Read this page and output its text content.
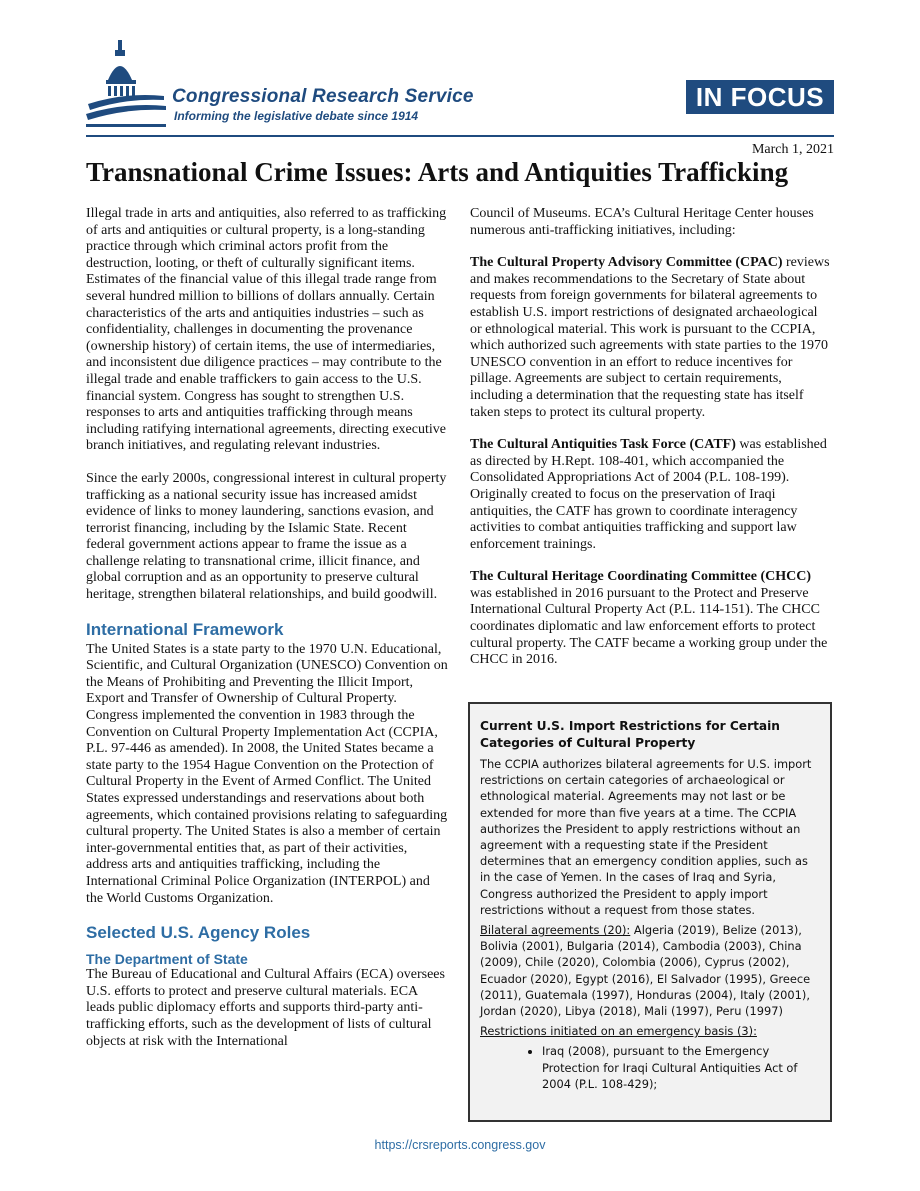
Congressional Research Service
Informing the legislative debate since 1914
IN FOCUS
March 1, 2021
Transnational Crime Issues: Arts and Antiquities Trafficking

Illegal trade in arts and antiquities, also referred to as trafficking of arts and antiquities or cultural property, is a long-standing practice through which criminal actors profit from the destruction, looting, or theft of culturally significant items. Estimates of the financial value of this illegal trade range from several hundred million to billions of dollars annually. Certain characteristics of the arts and antiquities industries – such as confidentiality, challenges in documenting the provenance (ownership history) of certain items, the use of intermediaries, and inconsistent due diligence practices – may contribute to the illegal trade and enable traffickers to gain access to the U.S. financial system. Congress has sought to strengthen U.S. responses to arts and antiquities trafficking through means including ratifying international agreements, directing executive branch initiatives, and regulating relevant industries.

Since the early 2000s, congressional interest in cultural property trafficking as a national security issue has increased amidst evidence of links to money laundering, sanctions evasion, and terrorist financing, including by the Islamic State. Recent federal government actions appear to frame the issue as a challenge relating to transnational crime, illicit finance, and global corruption and as an opportunity to preserve cultural heritage, strengthen bilateral relationships, and build goodwill.

International Framework

The United States is a state party to the 1970 U.N. Educational, Scientific, and Cultural Organization (UNESCO) Convention on the Means of Prohibiting and Preventing the Illicit Import, Export and Transfer of Ownership of Cultural Property. Congress implemented the convention in 1983 through the Convention on Cultural Property Implementation Act (CCPIA, P.L. 97-446 as amended). In 2008, the United States became a state party to the 1954 Hague Convention on the Protection of Cultural Property in the Event of Armed Conflict. The United States expressed understandings and reservations about both agreements, which contained provisions relating to safeguarding cultural property. The United States is also a member of certain inter-governmental entities that, as part of their activities, address arts and antiquities trafficking, including the International Criminal Police Organization (INTERPOL) and the World Customs Organization.

Selected U.S. Agency Roles
The Department of State

The Bureau of Educational and Cultural Affairs (ECA) oversees U.S. efforts to protect and preserve cultural materials. ECA leads public diplomacy efforts and supports third-party anti-trafficking efforts, such as the development of lists of cultural objects at risk with the International

Council of Museums. ECA’s Cultural Heritage Center houses numerous anti-trafficking initiatives, including:

The Cultural Property Advisory Committee (CPAC) reviews and makes recommendations to the Secretary of State about requests from foreign governments for bilateral agreements to establish U.S. import restrictions of designated archaeological or ethnological material. This work is pursuant to the CCPIA, which authorized such agreements with state parties to the 1970 UNESCO convention in an effort to reduce incentives for pillage. Agreements are subject to certain requirements, including a determination that the requesting state has itself taken steps to protect its cultural property.

The Cultural Antiquities Task Force (CATF) was established as directed by H.Rept. 108-401, which accompanied the Consolidated Appropriations Act of 2004 (P.L. 108-199). Originally created to focus on the preservation of Iraqi antiquities, the CATF has grown to coordinate interagency activities to combat antiquities trafficking and support law enforcement trainings.

The Cultural Heritage Coordinating Committee (CHCC) was established in 2016 pursuant to the Protect and Preserve International Cultural Property Act (P.L. 114-151). The CHCC coordinates diplomatic and law enforcement efforts to protect cultural property. The CATF became a working group under the CHCC in 2016.

Current U.S. Import Restrictions for Certain Categories of Cultural Property

The CCPIA authorizes bilateral agreements for U.S. import restrictions on certain categories of archaeological or ethnological material. Agreements may not last or be extended for more than five years at a time. The CCPIA authorizes the President to apply restrictions without an agreement with a requesting state if the President determines that an emergency condition applies, such as in the case of Yemen. In the cases of Iraq and Syria, Congress authorized the President to apply import restrictions without a request from those states.

Bilateral agreements (20): Algeria (2019), Belize (2013), Bolivia (2001), Bulgaria (2014), Cambodia (2003), China (2009), Chile (2020), Colombia (2006), Cyprus (2002), Ecuador (2020), Egypt (2016), El Salvador (1995), Greece (2011), Guatemala (1997), Honduras (2004), Italy (2001), Jordan (2020), Libya (2018), Mali (1997), Peru (1997)

Restrictions initiated on an emergency basis (3):

• Iraq (2008), pursuant to the Emergency Protection for Iraqi Cultural Antiquities Act of 2004 (P.L. 108-429);
https://crsreports.congress.gov
